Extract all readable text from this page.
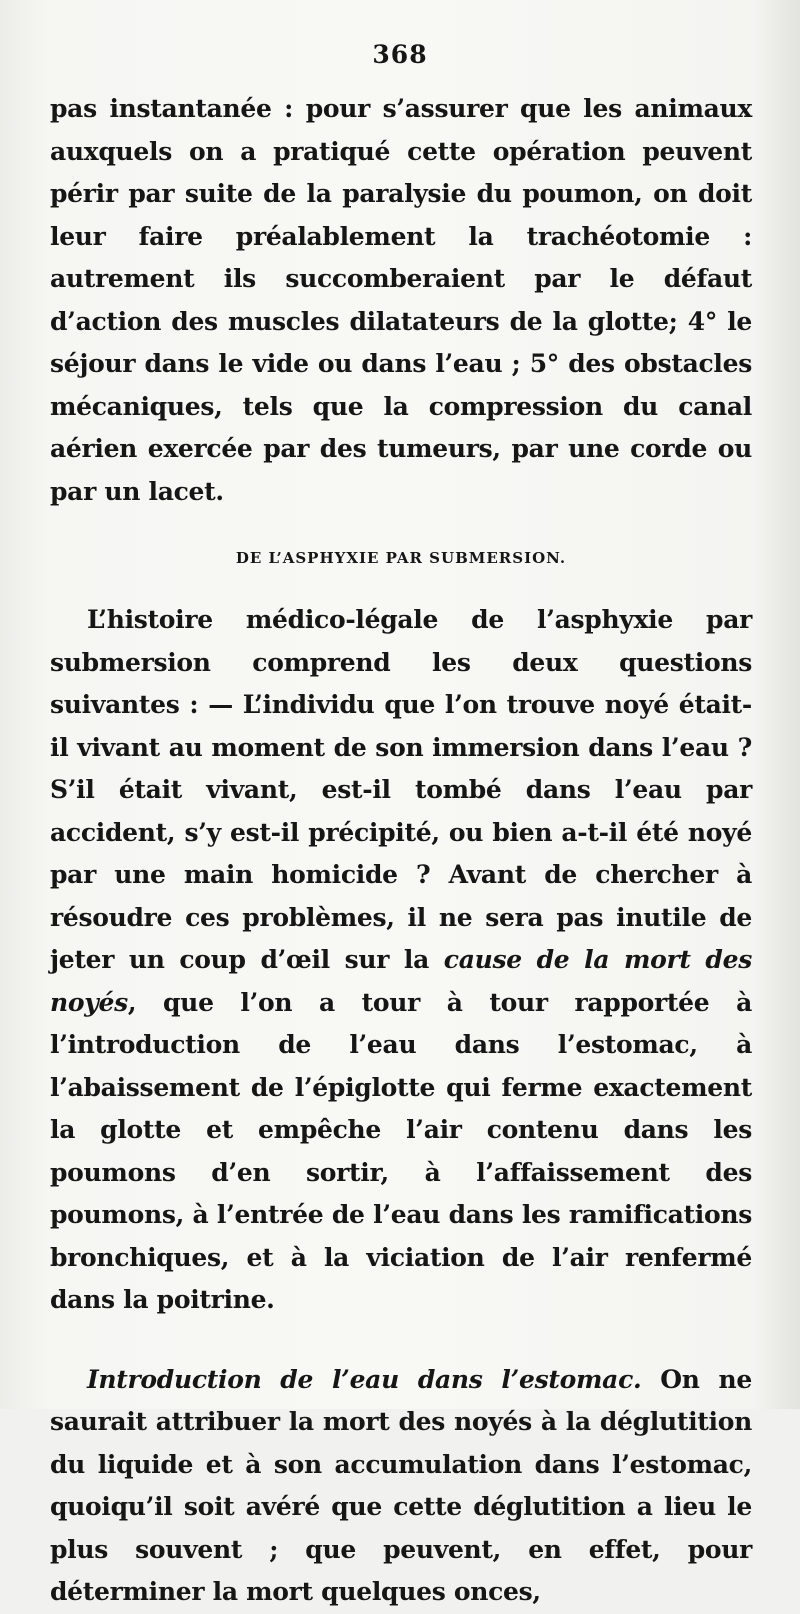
368

pas instantanée : pour s’assurer que les animaux auxquels on a pratiqué cette opération peuvent périr par suite de la paralysie du poumon, on doit leur faire préalablement la trachéotomie : autrement ils succomberaient par le défaut d’action des muscles dilatateurs de la glotte; 4° le séjour dans le vide ou dans l’eau ; 5° des obstacles mécaniques, tels que la compression du canal aérien exercée par des tumeurs, par une corde ou par un lacet.

DE L’ASPHYXIE PAR SUBMERSION.

L’histoire médico-légale de l’asphyxie par submersion comprend les deux questions suivantes : — L’individu que l’on trouve noyé était-il vivant au moment de son immersion dans l’eau ? S’il était vivant, est-il tombé dans l’eau par accident, s’y est-il précipité, ou bien a-t-il été noyé par une main homicide ? Avant de chercher à résoudre ces problèmes, il ne sera pas inutile de jeter un coup d’œil sur la cause de la mort des noyés, que l’on a tour à tour rapportée à l’introduction de l’eau dans l’estomac, à l’abaissement de l’épiglotte qui ferme exactement la glotte et empêche l’air contenu dans les poumons d’en sortir, à l’affaissement des poumons, à l’entrée de l’eau dans les ramifications bronchiques, et à la viciation de l’air renfermé dans la poitrine.

Introduction de l’eau dans l’estomac. On ne saurait attribuer la mort des noyés à la déglutition du liquide et à son accumulation dans l’estomac, quoiqu’il soit avéré que cette déglutition a lieu le plus souvent ; que peuvent, en effet, pour déterminer la mort quelques onces,
